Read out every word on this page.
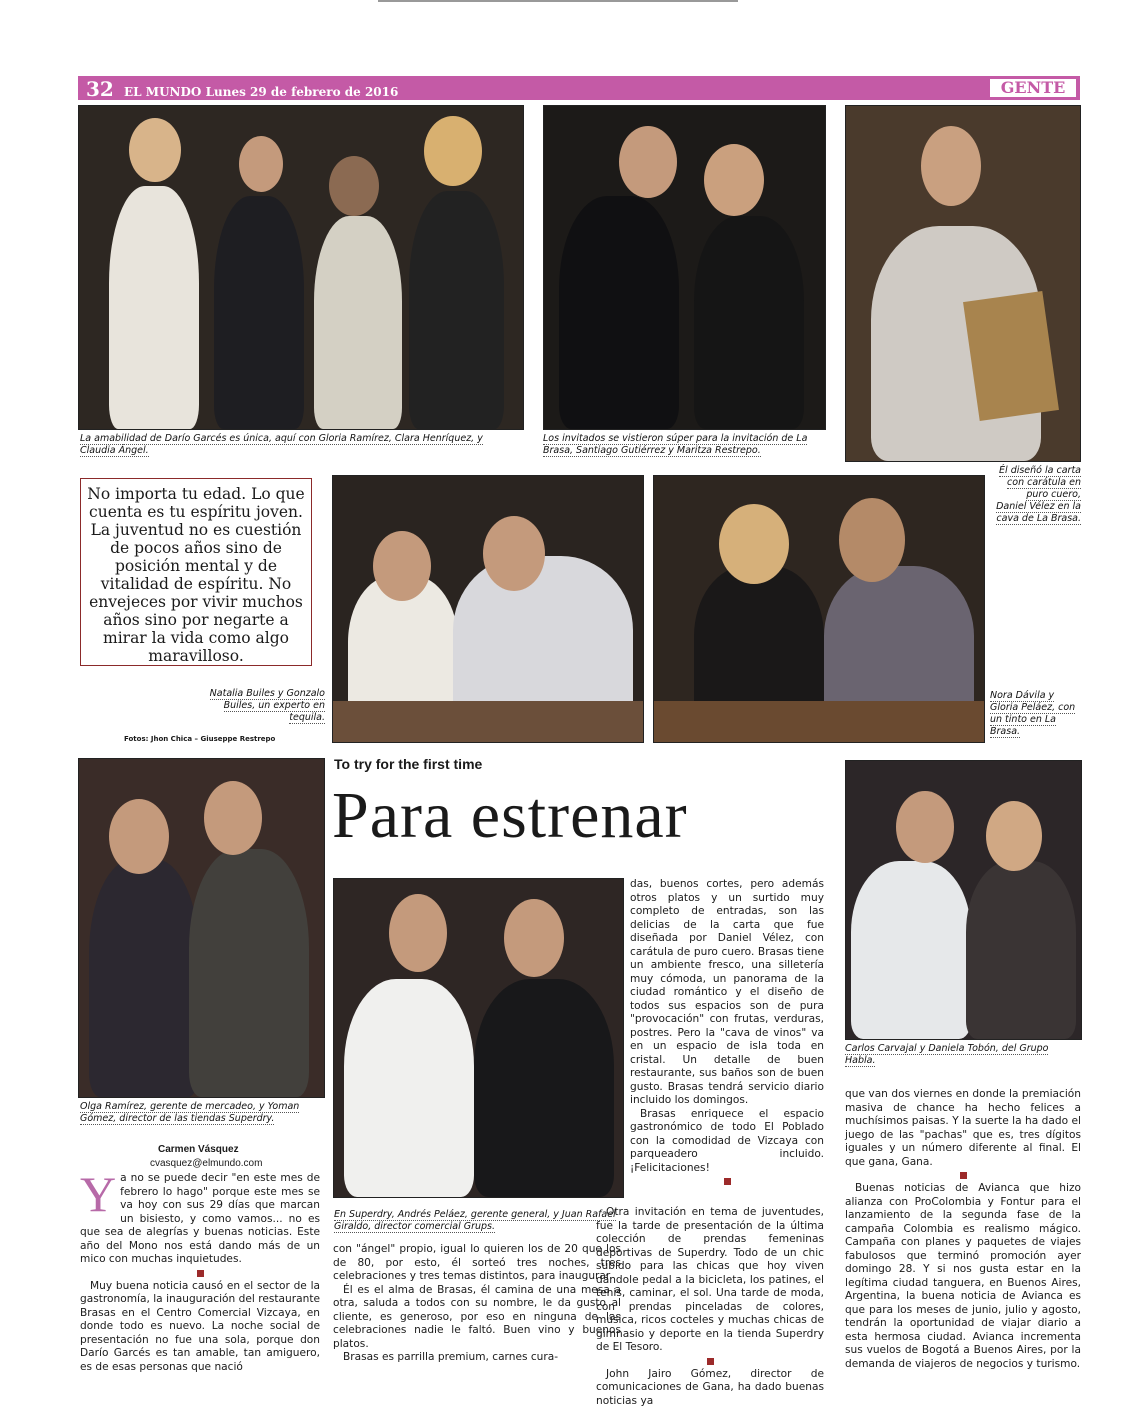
32 EL MUNDO Lunes 29 de febrero de 2016	GENTE
La amabilidad de Darío Garcés es única, aquí con Gloria Ramírez, Clara Henríquez, y Claudia Ángel.
Los invitados se vistieron súper para la invitación de La Brasa, Santiago Gutiérrez y Maritza Restrepo.
Él diseñó la carta con carátula en puro cuero, Daniel Vélez en la cava de La Brasa.
No importa tu edad. Lo que cuenta es tu espíritu joven. La juventud no es cuestión de pocos años sino de posición mental y de vitalidad de espíritu. No envejeces por vivir muchos años sino por negarte a mirar la vida como algo maravilloso.
Natalia Builes y Gonzalo Builes, un experto en tequila.
Fotos: Jhon Chica – Giuseppe Restrepo
Nora Dávila y Gloria Peláez, con un tinto en La Brasa.
To try for the first time
Para estrenar
Olga Ramírez, gerente de mercadeo, y Yoman Gómez, director de las tiendas Superdry.
Carmen Vásquez
cvasquez@elmundo.com
Y a no se puede decir "en este mes de febrero lo hago" porque este mes se va hoy con sus 29 días que marcan un bisiesto, y como vamos... no es que sea de alegrías y buenas noticias. Este año del Mono nos está dando más de un mico con muchas inquietudes.

Muy buena noticia causó en el sector de la gastronomía, la inauguración del restaurante Brasas en el Centro Comercial Vizcaya, en donde todo es nuevo. La noche social de presentación no fue una sola, porque don Darío Garcés es tan amable, tan amiguero, es de esas personas que nació

En Superdry, Andrés Peláez, gerente general, y Juan Rafael Giraldo, director comercial Grups.

con "ángel" propio, igual lo quieren los de 20 que los de 80, por esto, él sorteó tres noches, tres celebraciones y tres temas distintos, para inaugurar.

Él es el alma de Brasas, él camina de una mesa a otra, saluda a todos con su nombre, le da gusto al cliente, es generoso, por eso en ninguna de las celebraciones nadie le faltó. Buen vino y buenos platos.

Brasas es parrilla premium, carnes cura-

das, buenos cortes, pero además otros platos y un surtido muy completo de entradas, son las delicias de la carta que fue diseñada por Daniel Vélez, con carátula de puro cuero. Brasas tiene un ambiente fresco, una silletería muy cómoda, un panorama de la ciudad romántico y el diseño de todos sus espacios son de pura "provocación" con frutas, verduras, postres. Pero la "cava de vinos" va en un espacio de isla toda en cristal. Un detalle de buen restaurante, sus baños son de buen gusto. Brasas tendrá servicio diario incluido los domingos.

Brasas enriquece el espacio gastronómico de todo El Poblado con la comodidad de Vizcaya con parqueadero incluido. ¡Felicitaciones!

Otra invitación en tema de juventudes, fue la tarde de presentación de la última colección de prendas femeninas deportivas de Superdry. Todo de un chic subido para las chicas que hoy viven dándole pedal a la bicicleta, los patines, el tenis, caminar, el sol. Una tarde de moda, con prendas pinceladas de colores, música, ricos cocteles y muchas chicas de gimnasio y deporte en la tienda Superdry de El Tesoro.

John Jairo Gómez, director de comunicaciones de Gana, ha dado buenas noticias ya

Carlos Carvajal y Daniela Tobón, del Grupo Habla.

que van dos viernes en donde la premiación masiva de chance ha hecho felices a muchísimos paisas. Y la suerte la ha dado el juego de las "pachas" que es, tres dígitos iguales y un número diferente al final. El que gana, Gana.

Buenas noticias de Avianca que hizo alianza con ProColombia y Fontur para el lanzamiento de la segunda fase de la campaña Colombia es realismo mágico. Campaña con planes y paquetes de viajes fabulosos que terminó promoción ayer domingo 28. Y si nos gusta estar en la legítima ciudad tanguera, en Buenos Aires, Argentina, la buena noticia de Avianca es que para los meses de junio, julio y agosto, tendrán la oportunidad de viajar diario a esta hermosa ciudad. Avianca incrementa sus vuelos de Bogotá a Buenos Aires, por la demanda de viajeros de negocios y turismo.
